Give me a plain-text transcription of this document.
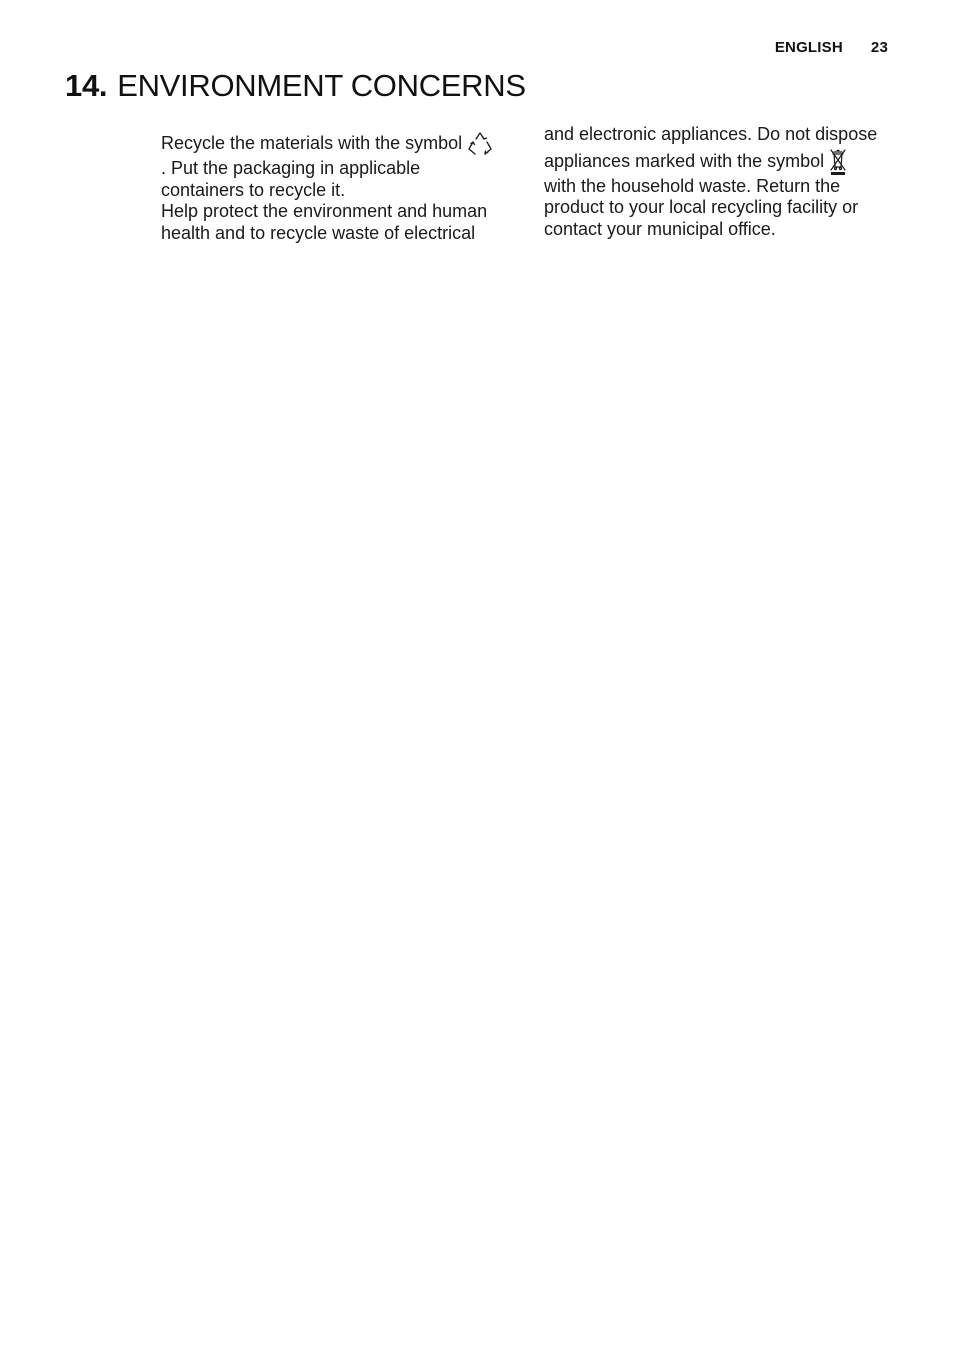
ENGLISH 23
14. ENVIRONMENT CONCERNS
Recycle the materials with the symbol
. Put the packaging in applicable
containers to recycle it.
Help protect the environment and human
health and to recycle waste of electrical
and electronic appliances. Do not dispose
appliances marked with the symbol
with the household waste. Return the
product to your local recycling facility or
contact your municipal office.
